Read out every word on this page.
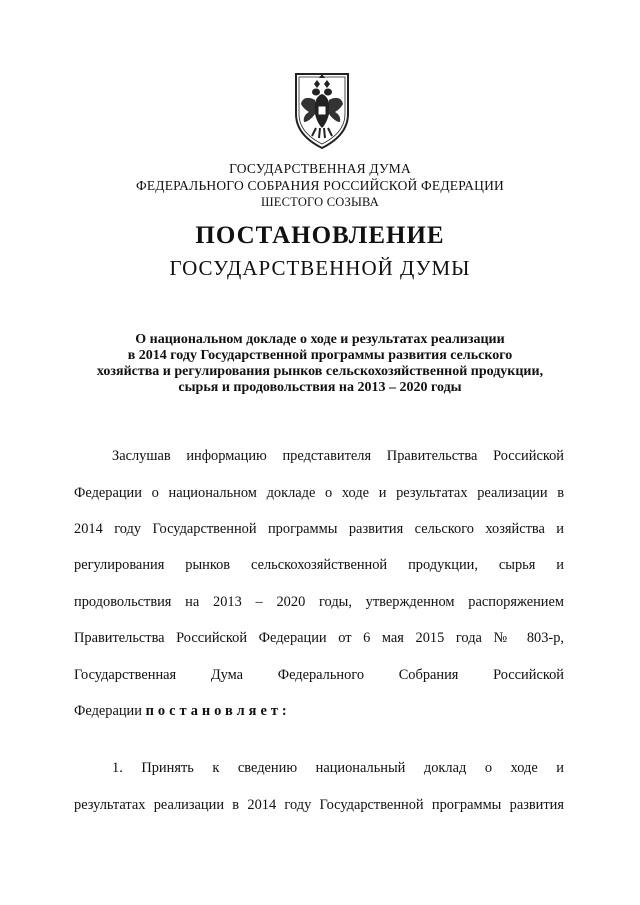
ГОСУДАРСТВЕННАЯ ДУМА
ФЕДЕРАЛЬНОГО СОБРАНИЯ РОССИЙСКОЙ ФЕДЕРАЦИИ
ШЕСТОГО СОЗЫВА
ПОСТАНОВЛЕНИЕ
ГОСУДАРСТВЕННОЙ ДУМЫ
О национальном докладе о ходе и результатах реализации
в 2014 году Государственной программы развития сельского
хозяйства и регулирования рынков сельскохозяйственной продукции,
сырья и продовольствия на 2013 – 2020 годы
Заслушав информацию представителя Правительства Российской
Федерации о национальном докладе о ходе и результатах реализации в
2014 году Государственной программы развития сельского хозяйства и
регулирования рынков сельскохозяйственной продукции, сырья и
продовольствия на 2013 – 2020 годы, утвержденном распоряжением
Правительства Российской Федерации от 6 мая 2015 года № 803-р,
Государственная Дума Федерального Собрания Российской
Федерации постановляет:
1. Принять к сведению национальный доклад о ходе и
результатах реализации в 2014 году Государственной программы развития
